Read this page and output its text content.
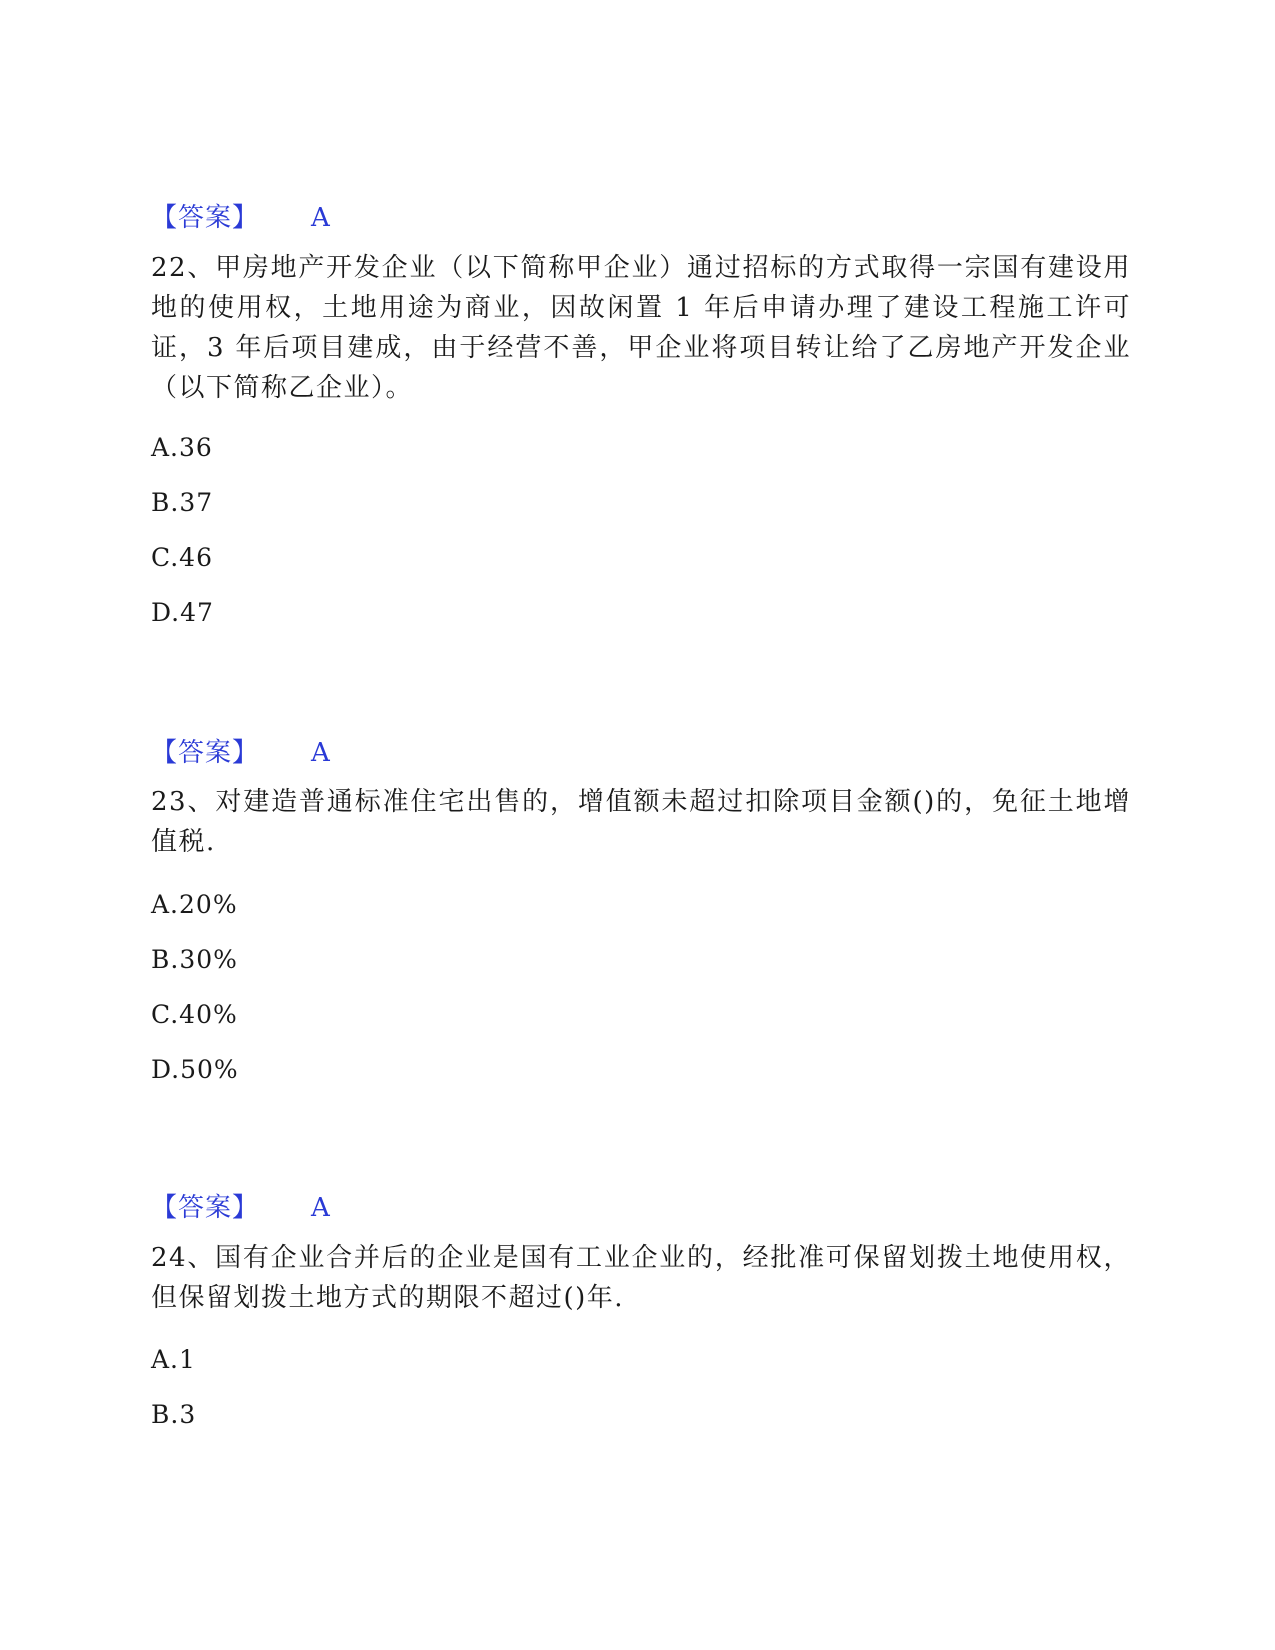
【答案】 A

22、甲房地产开发企业（以下简称甲企业）通过招标的方式取得一宗国有建设用地的使用权，土地用途为商业，因故闲置 1 年后申请办理了建设工程施工许可证，3 年后项目建成，由于经营不善，甲企业将项目转让给了乙房地产开发企业（以下简称乙企业）。

A.36
B.37
C.46
D.47
【答案】 A

23、对建造普通标准住宅出售的，增值额未超过扣除项目金额()的，免征土地增值税.

A.20%
B.30%
C.40%
D.50%
【答案】 A

24、国有企业合并后的企业是国有工业企业的，经批准可保留划拨土地使用权，但保留划拨土地方式的期限不超过()年.

A.1
B.3
